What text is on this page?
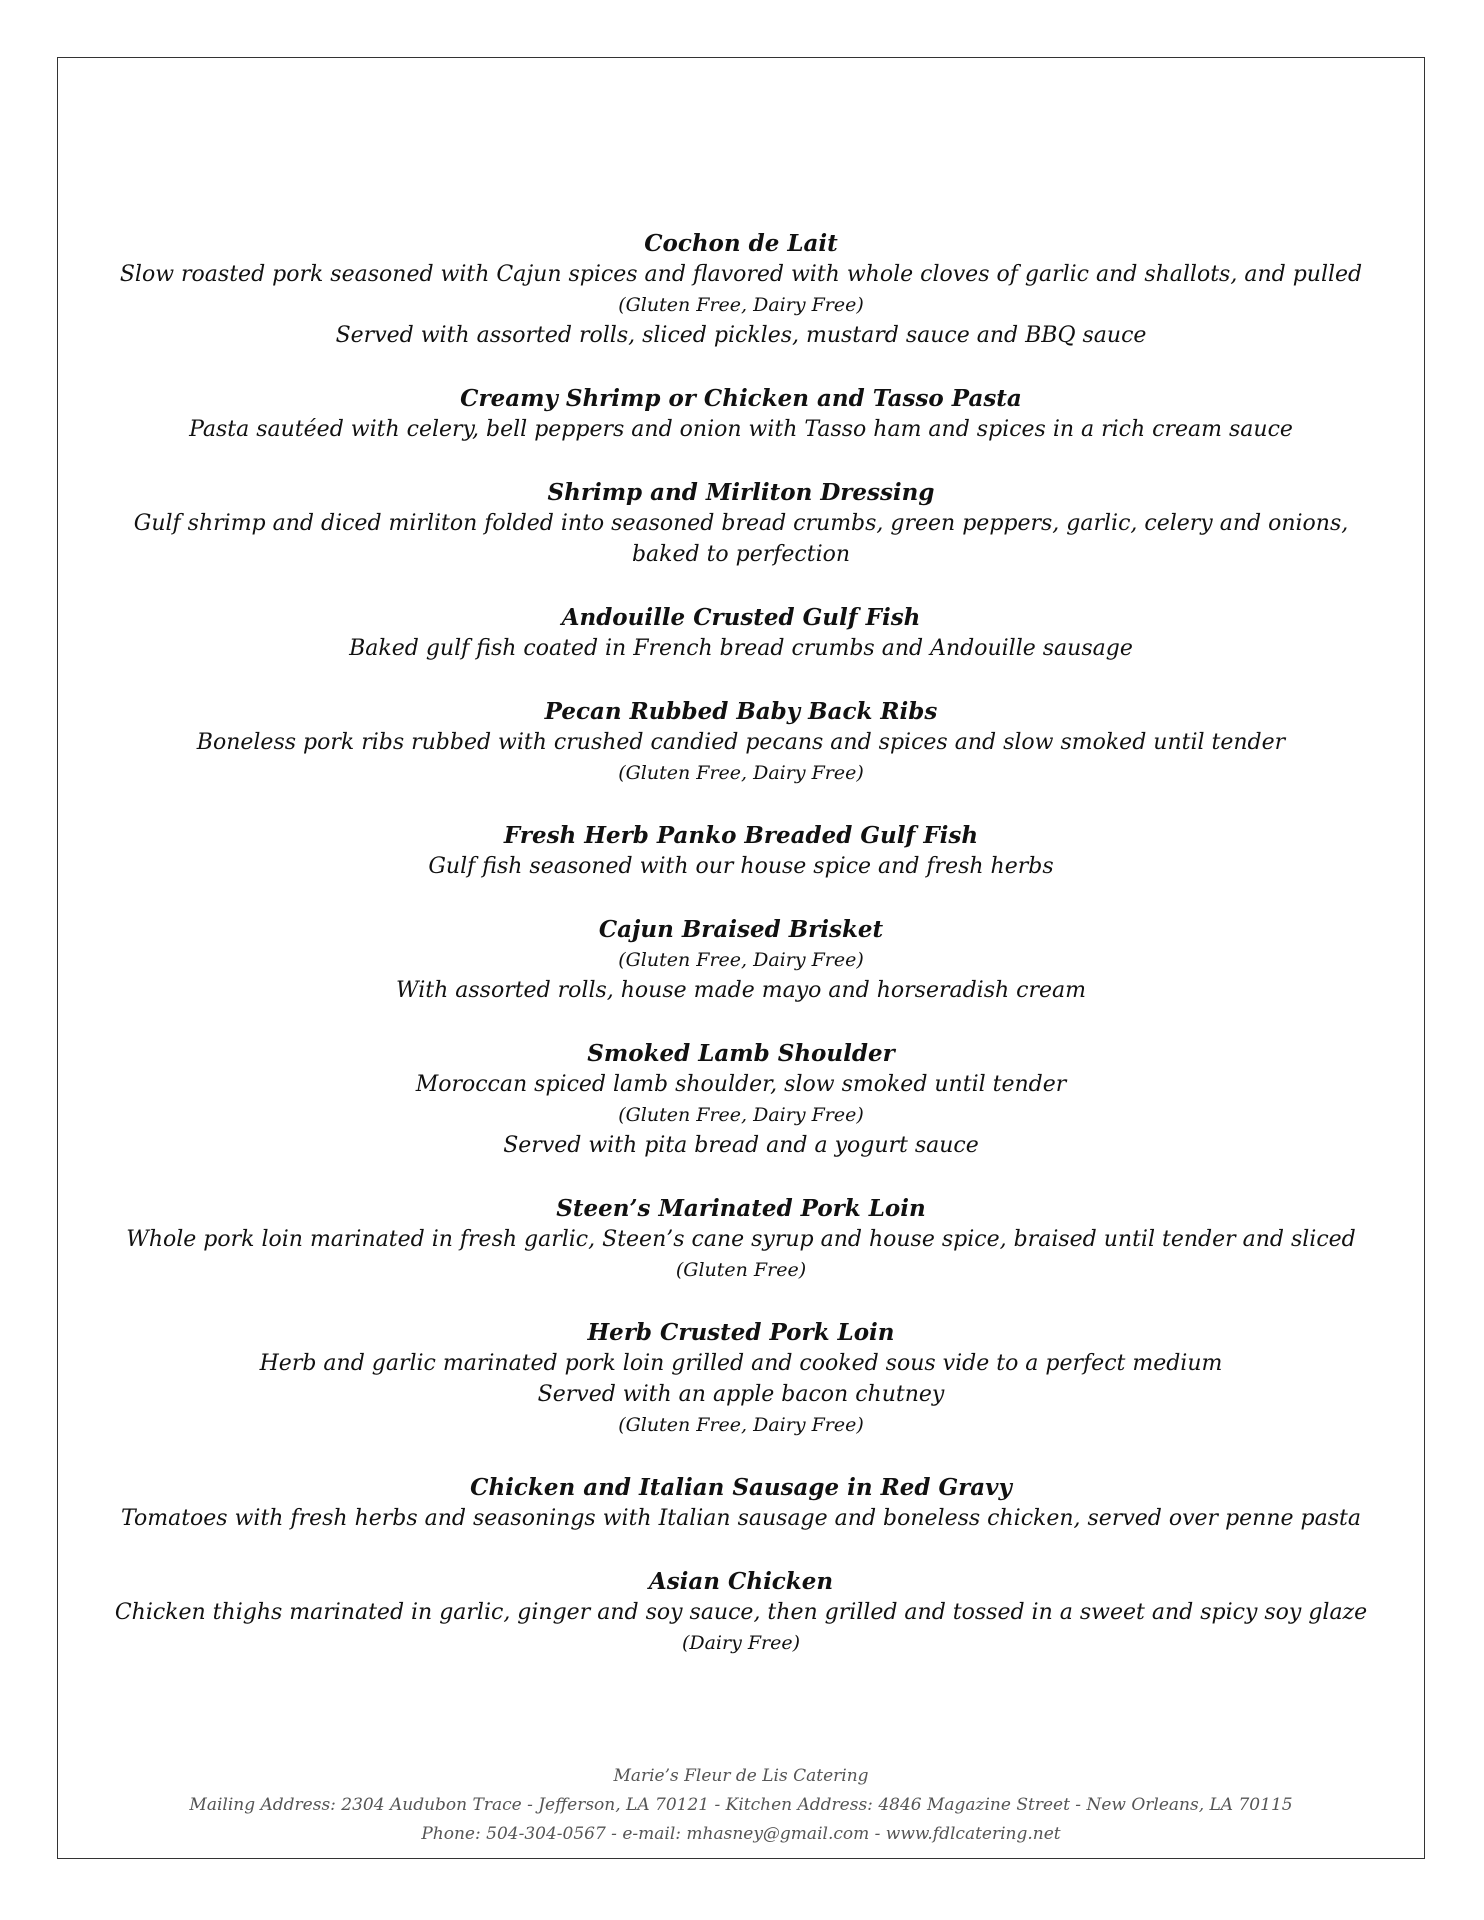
Cochon de Lait
Slow roasted pork seasoned with Cajun spices and flavored with whole cloves of garlic and shallots, and pulled
(Gluten Free, Dairy Free)
Served with assorted rolls, sliced pickles, mustard sauce and BBQ sauce
Creamy Shrimp or Chicken and Tasso Pasta
Pasta sautéed with celery, bell peppers and onion with Tasso ham and spices in a rich cream sauce
Shrimp and Mirliton Dressing
Gulf shrimp and diced mirliton folded into seasoned bread crumbs, green peppers, garlic, celery and onions,
baked to perfection
Andouille Crusted Gulf Fish
Baked gulf fish coated in French bread crumbs and Andouille sausage
Pecan Rubbed Baby Back Ribs
Boneless pork ribs rubbed with crushed candied pecans and spices and slow smoked until tender
(Gluten Free, Dairy Free)
Fresh Herb Panko Breaded Gulf Fish
Gulf fish seasoned with our house spice and fresh herbs
Cajun Braised Brisket
(Gluten Free, Dairy Free)
With assorted rolls, house made mayo and horseradish cream
Smoked Lamb Shoulder
Moroccan spiced lamb shoulder, slow smoked until tender
(Gluten Free, Dairy Free)
Served with pita bread and a yogurt sauce
Steen’s Marinated Pork Loin
Whole pork loin marinated in fresh garlic, Steen’s cane syrup and house spice, braised until tender and sliced
(Gluten Free)
Herb Crusted Pork Loin
Herb and garlic marinated pork loin grilled and cooked sous vide to a perfect medium
Served with an apple bacon chutney
(Gluten Free, Dairy Free)
Chicken and Italian Sausage in Red Gravy
Tomatoes with fresh herbs and seasonings with Italian sausage and boneless chicken, served over penne pasta
Asian Chicken
Chicken thighs marinated in garlic, ginger and soy sauce, then grilled and tossed in a sweet and spicy soy glaze
(Dairy Free)
Marie’s Fleur de Lis Catering
Mailing Address: 2304 Audubon Trace - Jefferson, LA 70121 - Kitchen Address: 4846 Magazine Street - New Orleans, LA 70115
Phone: 504-304-0567 - e-mail: mhasney@gmail.com - www.fdlcatering.net
